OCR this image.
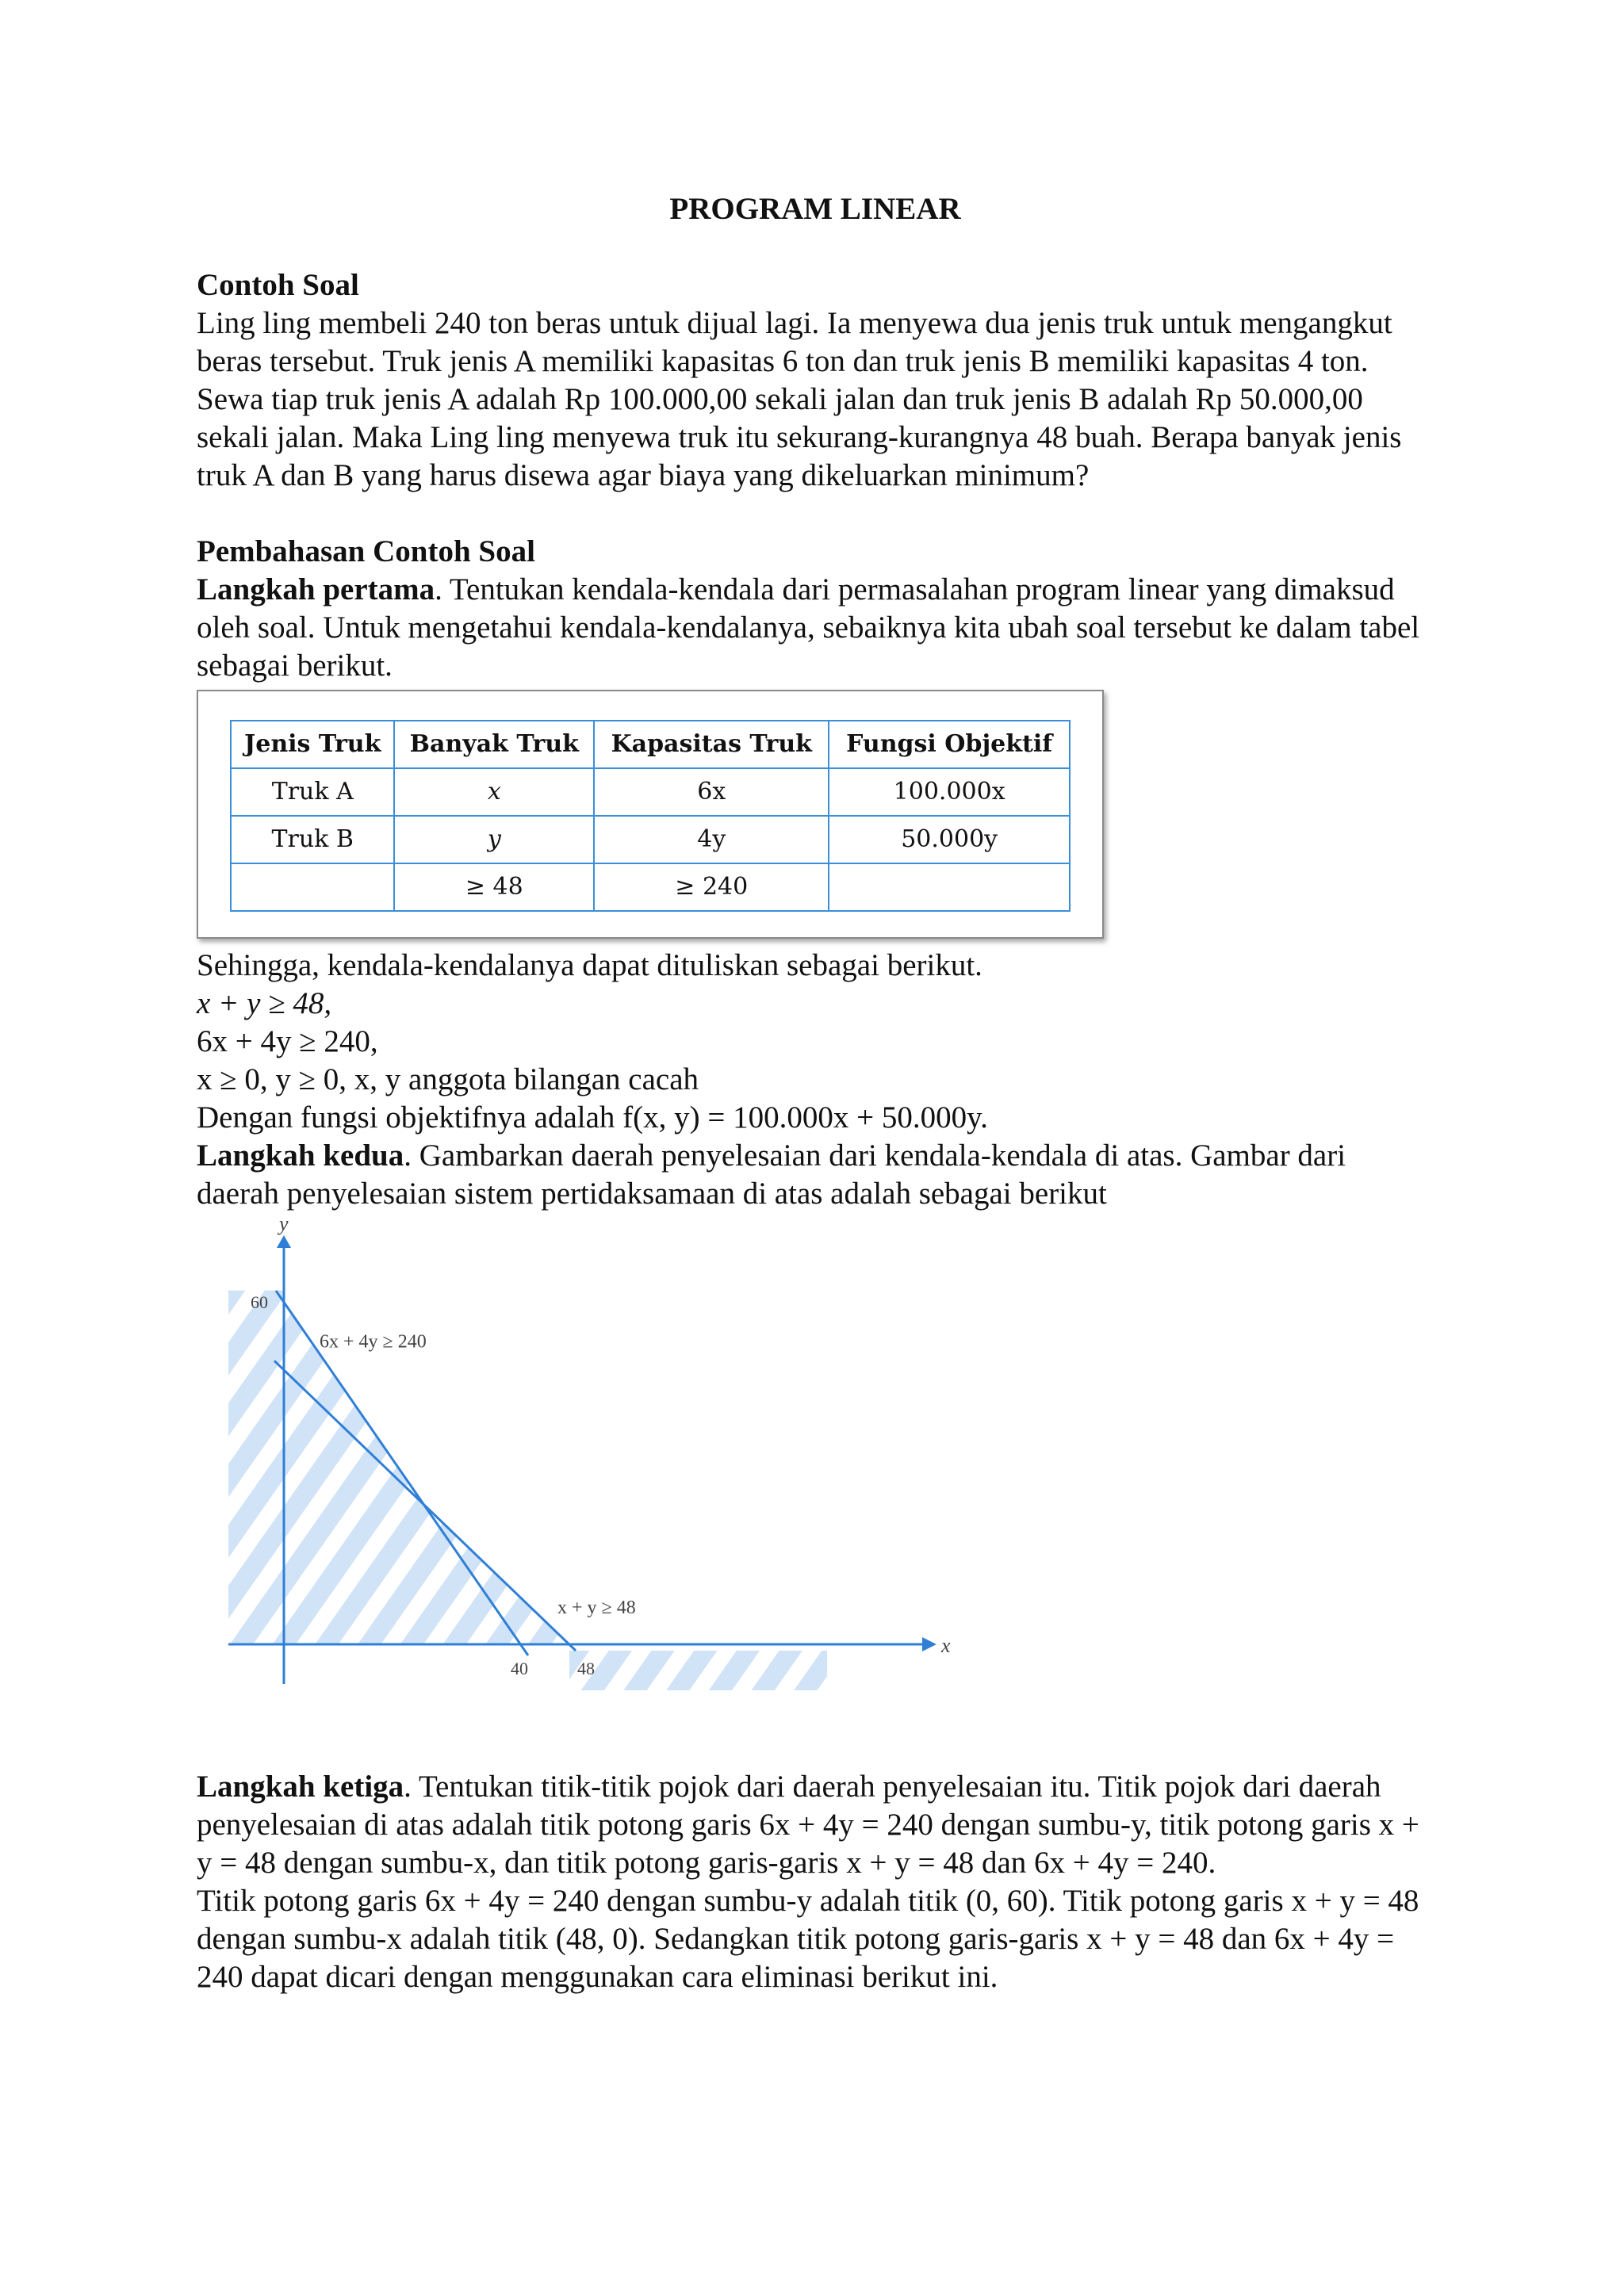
PROGRAM LINEAR
Contoh Soal

Ling ling membeli 240 ton beras untuk dijual lagi. Ia menyewa dua jenis truk untuk mengangkut beras tersebut. Truk jenis A memiliki kapasitas 6 ton dan truk jenis B memiliki kapasitas 4 ton. Sewa tiap truk jenis A adalah Rp 100.000,00 sekali jalan dan truk jenis B adalah Rp 50.000,00 sekali jalan. Maka Ling ling menyewa truk itu sekurang-kurangnya 48 buah. Berapa banyak jenis truk A dan B yang harus disewa agar biaya yang dikeluarkan minimum?

Pembahasan Contoh Soal

Langkah pertama. Tentukan kendala-kendala dari permasalahan program linear yang dimaksud oleh soal. Untuk mengetahui kendala-kendalanya, sebaiknya kita ubah soal tersebut ke dalam tabel sebagai berikut.

Jenis Truk	Banyak Truk	Kapasitas Truk	Fungsi Objektif
Truk A	x	6x	100.000x
Truk B	y	4y	50.000y
	≥ 48	≥ 240	

Sehingga, kendala-kendalanya dapat dituliskan sebagai berikut.

x + y ≥ 48,

6x + 4y ≥ 240,

x ≥ 0, y ≥ 0, x, y anggota bilangan cacah

Dengan fungsi objektifnya adalah f(x, y) = 100.000x + 50.000y.

Langkah kedua. Gambarkan daerah penyelesaian dari kendala-kendala di atas. Gambar dari daerah penyelesaian sistem pertidaksamaan di atas adalah sebagai berikut

x
y
60
40	48
6x + 4y ≥ 240
x + y ≥ 48

Langkah ketiga. Tentukan titik-titik pojok dari daerah penyelesaian itu. Titik pojok dari daerah penyelesaian di atas adalah titik potong garis 6x + 4y = 240 dengan sumbu-y, titik potong garis x + y = 48 dengan sumbu-x, dan titik potong garis-garis x + y = 48 dan 6x + 4y = 240.

Titik potong garis 6x + 4y = 240 dengan sumbu-y adalah titik (0, 60). Titik potong garis x + y = 48 dengan sumbu-x adalah titik (48, 0). Sedangkan titik potong garis-garis x + y = 48 dan 6x + 4y = 240 dapat dicari dengan menggunakan cara eliminasi berikut ini.
